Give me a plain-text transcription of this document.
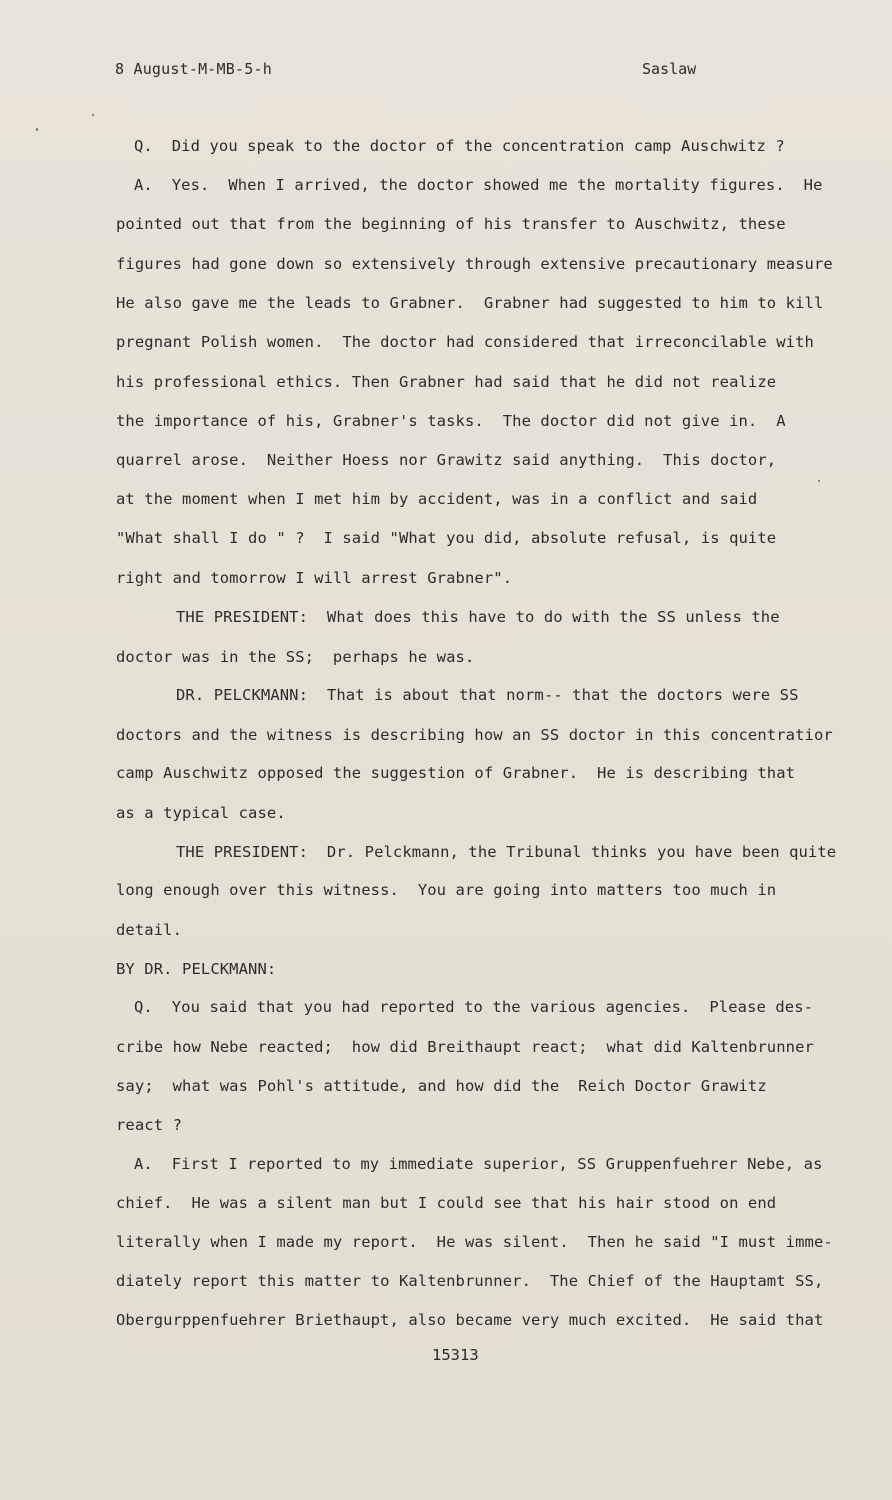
8 August-M-MB-5-h	Saslaw
Q.  Did you speak to the doctor of the concentration camp Auschwitz ?
A.  Yes.  When I arrived, the doctor showed me the mortality figures.  He
pointed out that from the beginning of his transfer to Auschwitz, these
figures had gone down so extensively through extensive precautionary measure
He also gave me the leads to Grabner.  Grabner had suggested to him to kill
pregnant Polish women.  The doctor had considered that irreconcilable with
his professional ethics. Then Grabner had said that he did not realize
the importance of his, Grabner's tasks.  The doctor did not give in.  A
quarrel arose.  Neither Hoess nor Grawitz said anything.  This doctor,
at the moment when I met him by accident, was in a conflict and said
"What shall I do " ?  I said "What you did, absolute refusal, is quite
right and tomorrow I will arrest Grabner".
THE PRESIDENT:  What does this have to do with the SS unless the
doctor was in the SS;  perhaps he was.
DR. PELCKMANN:  That is about that norm-- that the doctors were SS
doctors and the witness is describing how an SS doctor in this concentratior
camp Auschwitz opposed the suggestion of Grabner.  He is describing that
as a typical case.
THE PRESIDENT:  Dr. Pelckmann, the Tribunal thinks you have been quite
long enough over this witness.  You are going into matters too much in
detail.
BY DR. PELCKMANN:
Q.  You said that you had reported to the various agencies.  Please des-
cribe how Nebe reacted;  how did Breithaupt react;  what did Kaltenbrunner
say;  what was Pohl's attitude, and how did the  Reich Doctor Grawitz
react ?
A.  First I reported to my immediate superior, SS Gruppenfuehrer Nebe, as
chief.  He was a silent man but I could see that his hair stood on end
literally when I made my report.  He was silent.  Then he said "I must imme-
diately report this matter to Kaltenbrunner.  The Chief of the Hauptamt SS,
Obergurppenfuehrer Briethaupt, also became very much excited.  He said that
15313
